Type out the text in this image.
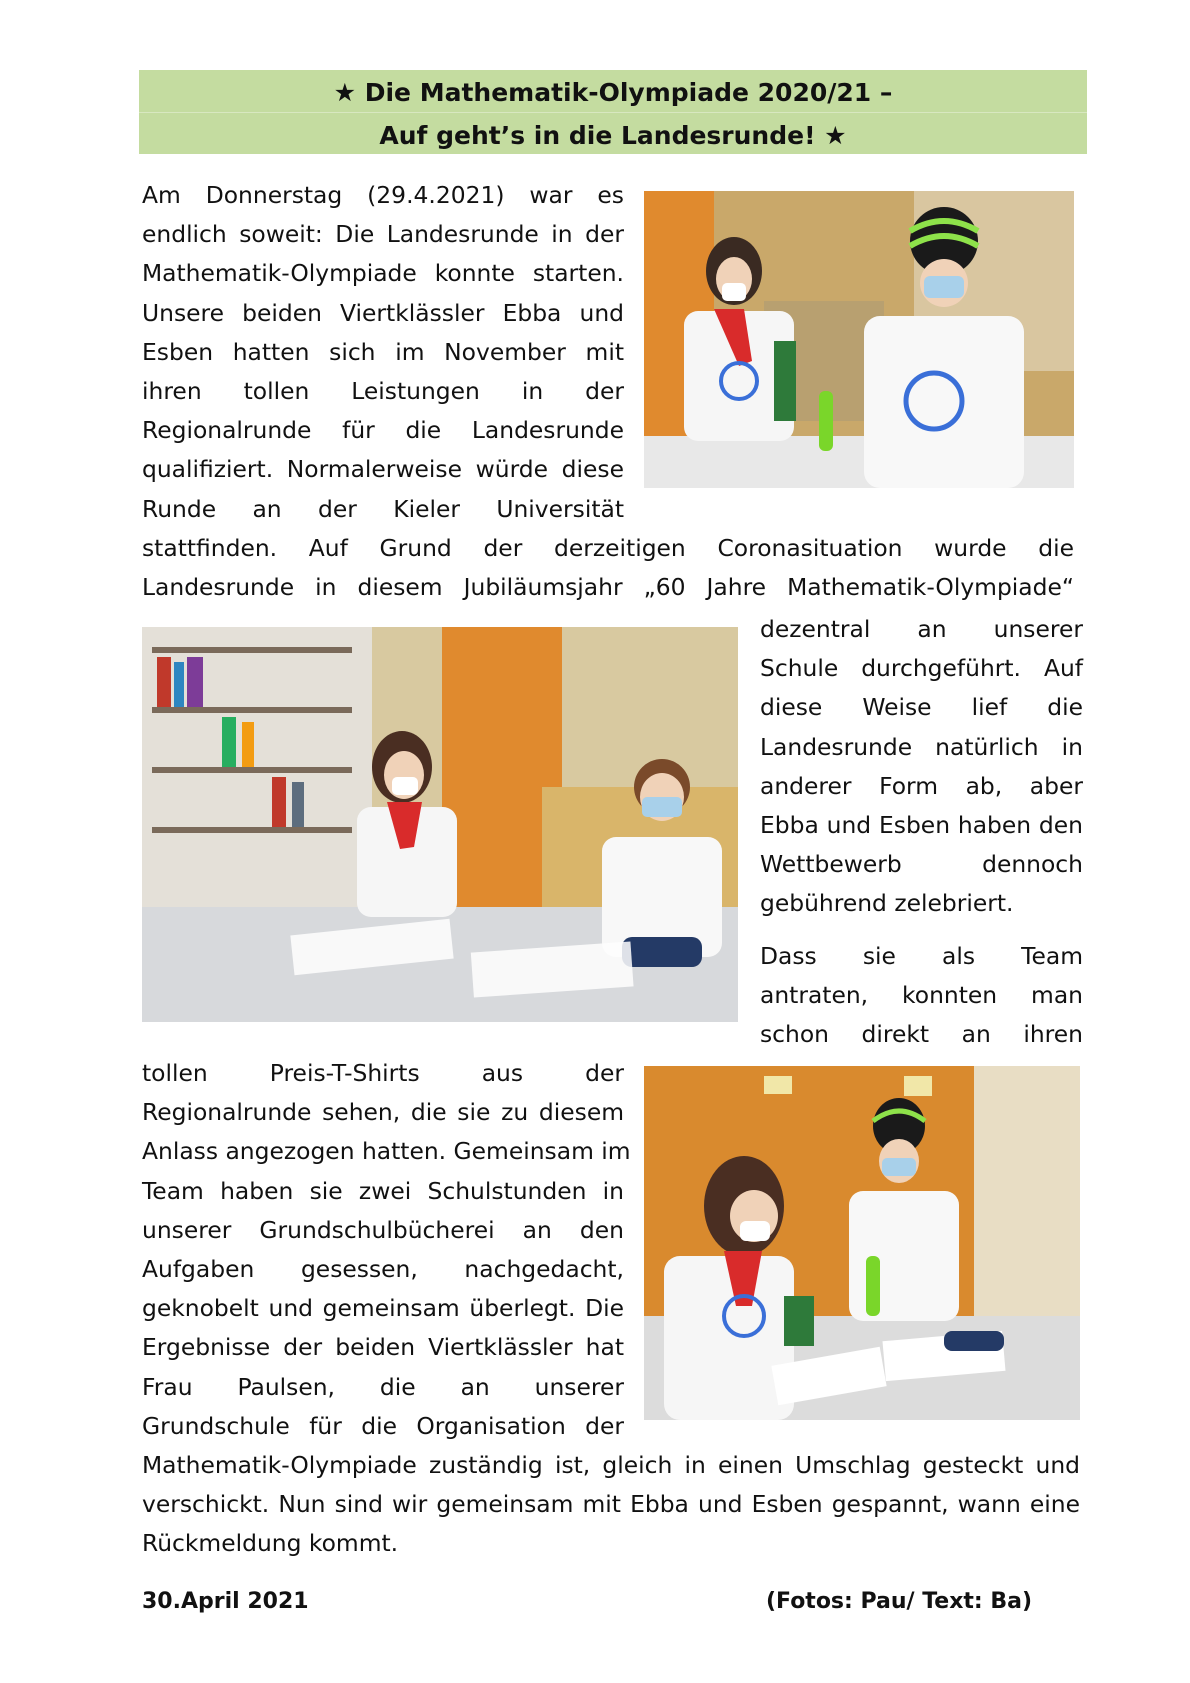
★ Die Mathematik-Olympiade 2020/21 –
Auf geht’s in die Landesrunde! ★
Am Donnerstag (29.4.2021) war es
endlich soweit: Die Landesrunde in der
Mathematik-Olympiade konnte starten.
Unsere beiden Viertklässler Ebba und
Esben hatten sich im November mit
ihren tollen Leistungen in der
Regionalrunde für die Landesrunde
qualifiziert. Normalerweise würde diese
Runde an der Kieler Universität
stattfinden. Auf Grund der derzeitigen Coronasituation wurde die
Landesrunde in diesem Jubiläumsjahr „60 Jahre Mathematik-Olympiade“
dezentral an unserer
Schule durchgeführt. Auf
diese Weise lief die
Landesrunde natürlich in
anderer Form ab, aber
Ebba und Esben haben den
Wettbewerb dennoch
gebührend zelebriert.
Dass sie als Team
antraten, konnten man
schon direkt an ihren
tollen Preis-T-Shirts aus der
Regionalrunde sehen, die sie zu diesem
Anlass angezogen hatten. Gemeinsam im
Team haben sie zwei Schulstunden in
unserer Grundschulbücherei an den
Aufgaben gesessen, nachgedacht,
geknobelt und gemeinsam überlegt. Die
Ergebnisse der beiden Viertklässler hat
Frau Paulsen, die an unserer
Grundschule für die Organisation der
Mathematik-Olympiade zuständig ist, gleich in einen Umschlag gesteckt und
verschickt. Nun sind wir gemeinsam mit Ebba und Esben gespannt, wann eine
Rückmeldung kommt.
30.April 2021	(Fotos: Pau/ Text: Ba)
